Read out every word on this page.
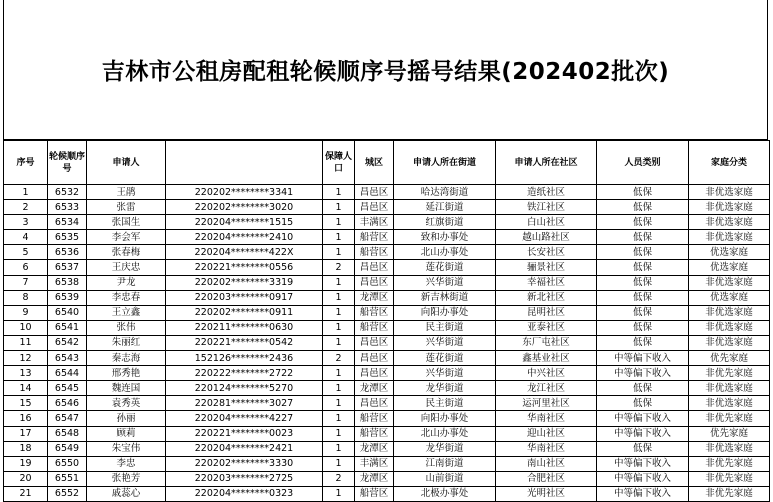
吉林市公租房配租轮候顺序号摇号结果(202402批次)
序号	轮候顺序号	申请人		保障人口	城区	申请人所在街道	申请人所在社区	人员类别	家庭分类
1	6532	王鹃	220202********3341	1	昌邑区	哈达湾街道	造纸社区	低保	非优选家庭
2	6533	张雷	220202********3020	1	昌邑区	延江街道	铁江社区	低保	非优选家庭
3	6534	张国生	220204********1515	1	丰满区	红旗街道	白山社区	低保	非优选家庭
4	6535	李会军	220204********2410	1	船营区	致和办事处	越山路社区	低保	非优选家庭
5	6536	张春梅	220204********422X	1	船营区	北山办事处	长安社区	低保	优选家庭
6	6537	王庆忠	220221********0556	2	昌邑区	莲花街道	骊景社区	低保	优选家庭
7	6538	尹龙	220202********3319	1	昌邑区	兴华街道	幸福社区	低保	非优选家庭
8	6539	李忠春	220203********0917	1	龙潭区	新吉林街道	新北社区	低保	优选家庭
9	6540	王立鑫	220202********0911	1	船营区	向阳办事处	昆明社区	低保	非优选家庭
10	6541	张伟	220211********0630	1	船营区	民主街道	亚泰社区	低保	非优选家庭
11	6542	朱丽红	220221********0542	1	昌邑区	兴华街道	东厂屯社区	低保	非优选家庭
12	6543	秦志海	152126********2436	2	昌邑区	莲花街道	鑫基业社区	中等偏下收入	优先家庭
13	6544	邢秀艳	220222********2722	1	昌邑区	兴华街道	中兴社区	中等偏下收入	非优先家庭
14	6545	魏连国	220124********5270	1	龙潭区	龙华街道	龙江社区	低保	非优选家庭
15	6546	袁秀英	220281********3027	1	昌邑区	民主街道	运河里社区	低保	非优选家庭
16	6547	孙丽	220204********4227	1	船营区	向阳办事处	华南社区	中等偏下收入	非优先家庭
17	6548	顾莉	220221********0023	1	船营区	北山办事处	迎山社区	中等偏下收入	优先家庭
18	6549	朱宝伟	220204********2421	1	龙潭区	龙华街道	华南社区	低保	非优选家庭
19	6550	李忠	220202********3330	1	丰满区	江南街道	南山社区	中等偏下收入	非优先家庭
20	6551	张艳芳	220203********2725	2	龙潭区	山前街道	合肥社区	中等偏下收入	非优先家庭
21	6552	戚蕊心	220204********0323	1	船营区	北极办事处	光明社区	中等偏下收入	非优先家庭
